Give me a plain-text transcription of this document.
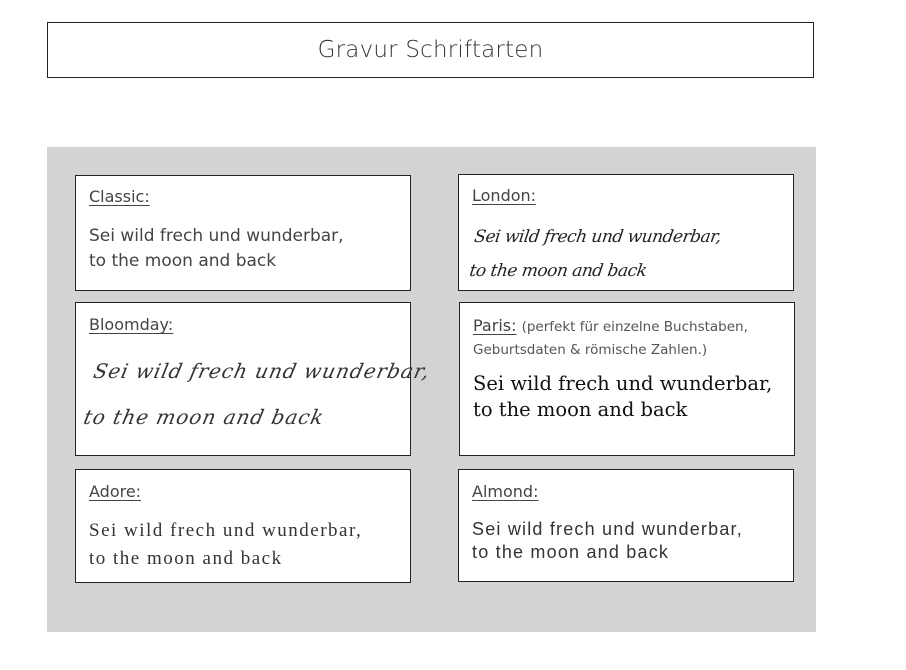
Gravur Schriftarten
Classic:
Sei wild frech und wunderbar,
to the moon and back
London:
Sei wild frech und wunderbar,
to the moon and back
Bloomday:
Sei wild frech und wunderbar,
to the moon and back
Paris: (perfekt für einzelne Buchstaben,
Geburtsdaten & römische Zahlen.)
Sei wild frech und wunderbar,
to the moon and back
Adore:
Sei wild frech und wunderbar,
to the moon and back
Almond:
Sei wild frech und wunderbar,
to the moon and back
